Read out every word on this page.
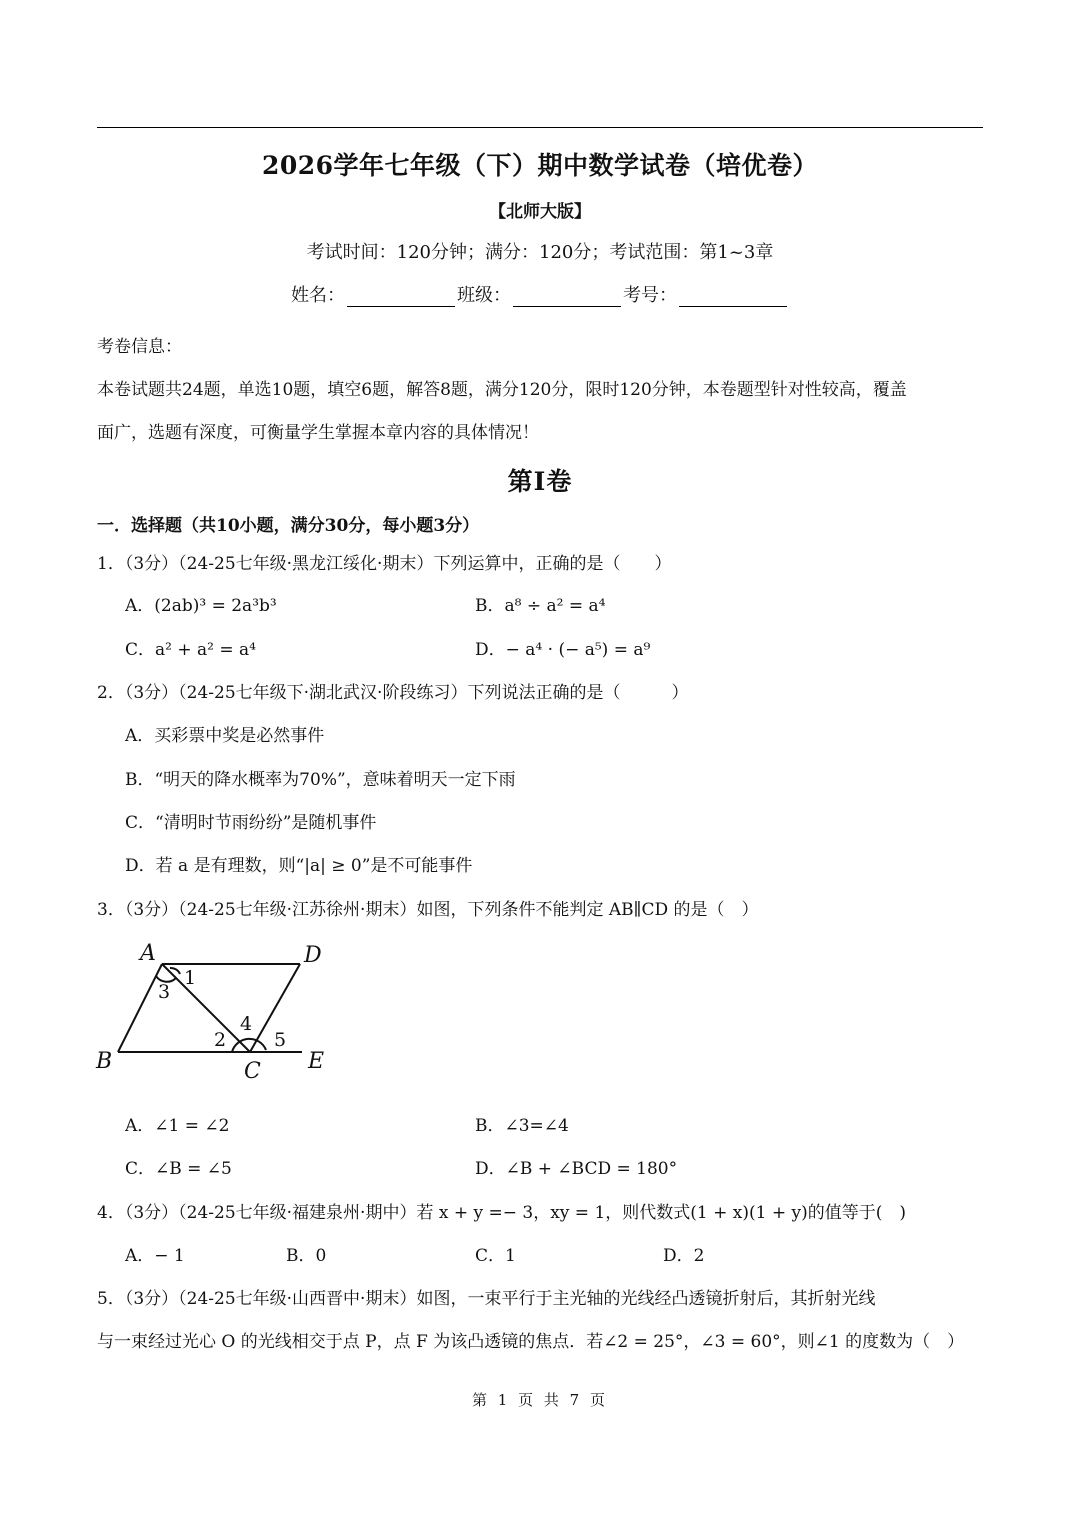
2026学年七年级（下）期中数学试卷（培优卷）
【北师大版】
考试时间：120分钟；满分：120分；考试范围：第1~3章
姓名：	班级：	考号：
考卷信息：
本卷试题共24题，单选10题，填空6题，解答8题，满分120分，限时120分钟，本卷题型针对性较高，覆盖
面广，选题有深度，可衡量学生掌握本章内容的具体情况！
第Ⅰ卷
一．选择题（共10小题，满分30分，每小题3分）
1．（3分）（24-25七年级·黑龙江绥化·期末）下列运算中，正确的是（　　）
A．(2ab)³ = 2a³b³	B．a⁸ ÷ a² = a⁴
C．a² + a² = a⁴	D．− a⁴ · (− a⁵) = a⁹
2．（3分）（24-25七年级下·湖北武汉·阶段练习）下列说法正确的是（　　　）
A．买彩票中奖是必然事件
B．“明天的降水概率为70%”，意味着明天一定下雨
C．“清明时节雨纷纷”是随机事件
D．若 a 是有理数，则“|a| ≥ 0”是不可能事件
3．（3分）（24-25七年级·江苏徐州·期末）如图，下列条件不能判定 AB∥CD 的是（　）
A	D
B	C E
1
3
4
2	5
A．∠1 = ∠2	B．∠3=∠4
C．∠B = ∠5	D．∠B + ∠BCD = 180°
4．（3分）（24-25七年级·福建泉州·期中）若 x + y =− 3，xy = 1，则代数式(1 + x)(1 + y)的值等于(　)
A．− 1	B．0	C．1	D．2
5．（3分）（24-25七年级·山西晋中·期末）如图，一束平行于主光轴的光线经凸透镜折射后，其折射光线
与一束经过光心 O 的光线相交于点 P，点 F 为该凸透镜的焦点．若∠2 = 25°，∠3 = 60°，则∠1 的度数为（　）
第 1 页 共 7 页
